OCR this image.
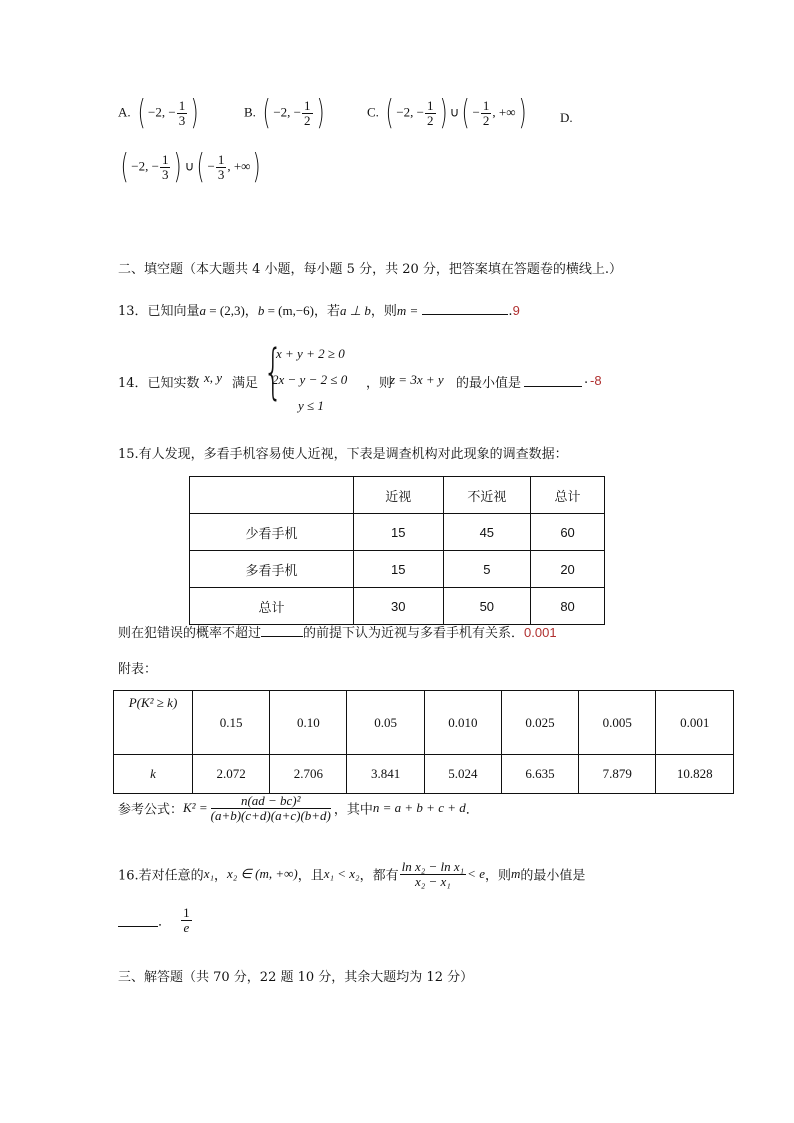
A. ( −2, − $\frac{1}{3}$ )	B. ( −2, − $\frac{1}{2}$ )	C. ( −2, − $\frac{1}{2}$ ) ∪( − $\frac{1}{2}$ , +∞)	D.
( −2, − $\frac{1}{3}$ ) ∪( − $\frac{1}{3}$ , +∞)
二、填空题（本大题共 4 小题，每小题 5 分，共 20 分，把答案填在答题卷的横线上.）
13．已知向量a = (2,3)，b = (m,−6)，若a ⊥ b，则m =	.9
14．已知实数 x, y 满足 {
x + y + 2 ≥ 0
2x − y − 2 ≤ 0
y ≤ 1
，则
z = 3x + y 的最小值是	. -8
15.有人发现，多看手机容易使人近视，下表是调查机构对此现象的调查数据：
	近视	不近视	总计
少看手机	15	45	60
多看手机	15	5	20
总计	30	50	80
则在犯错误的概率不超过	的前提下认为近视与多看手机有关系．0.001
附表：
P(K² ≥ k)	0.15	0.10	0.05	0.010	0.025	0.005	0.001
k	2.072	2.706	3.841	5.024	6.635	7.879	10.828
参考公式：$K^2 = \frac{\text{n(ad − bc)²}}{(a+b)(c+d)(a+c)(b+d)}$ ，其中n = a + b + c + d．
16.若对任意的x₁，x₂ ∈ (m, +∞)，且x₁ < x₂，都有 $\frac{\text{ln x₂ − ln x₁}}{\text{x₂ − x₁}} < e$，则m的最小值是
． $\frac{1}{e}$
三、解答题（共 70 分，22 题 10 分，其余大题均为 12 分）
